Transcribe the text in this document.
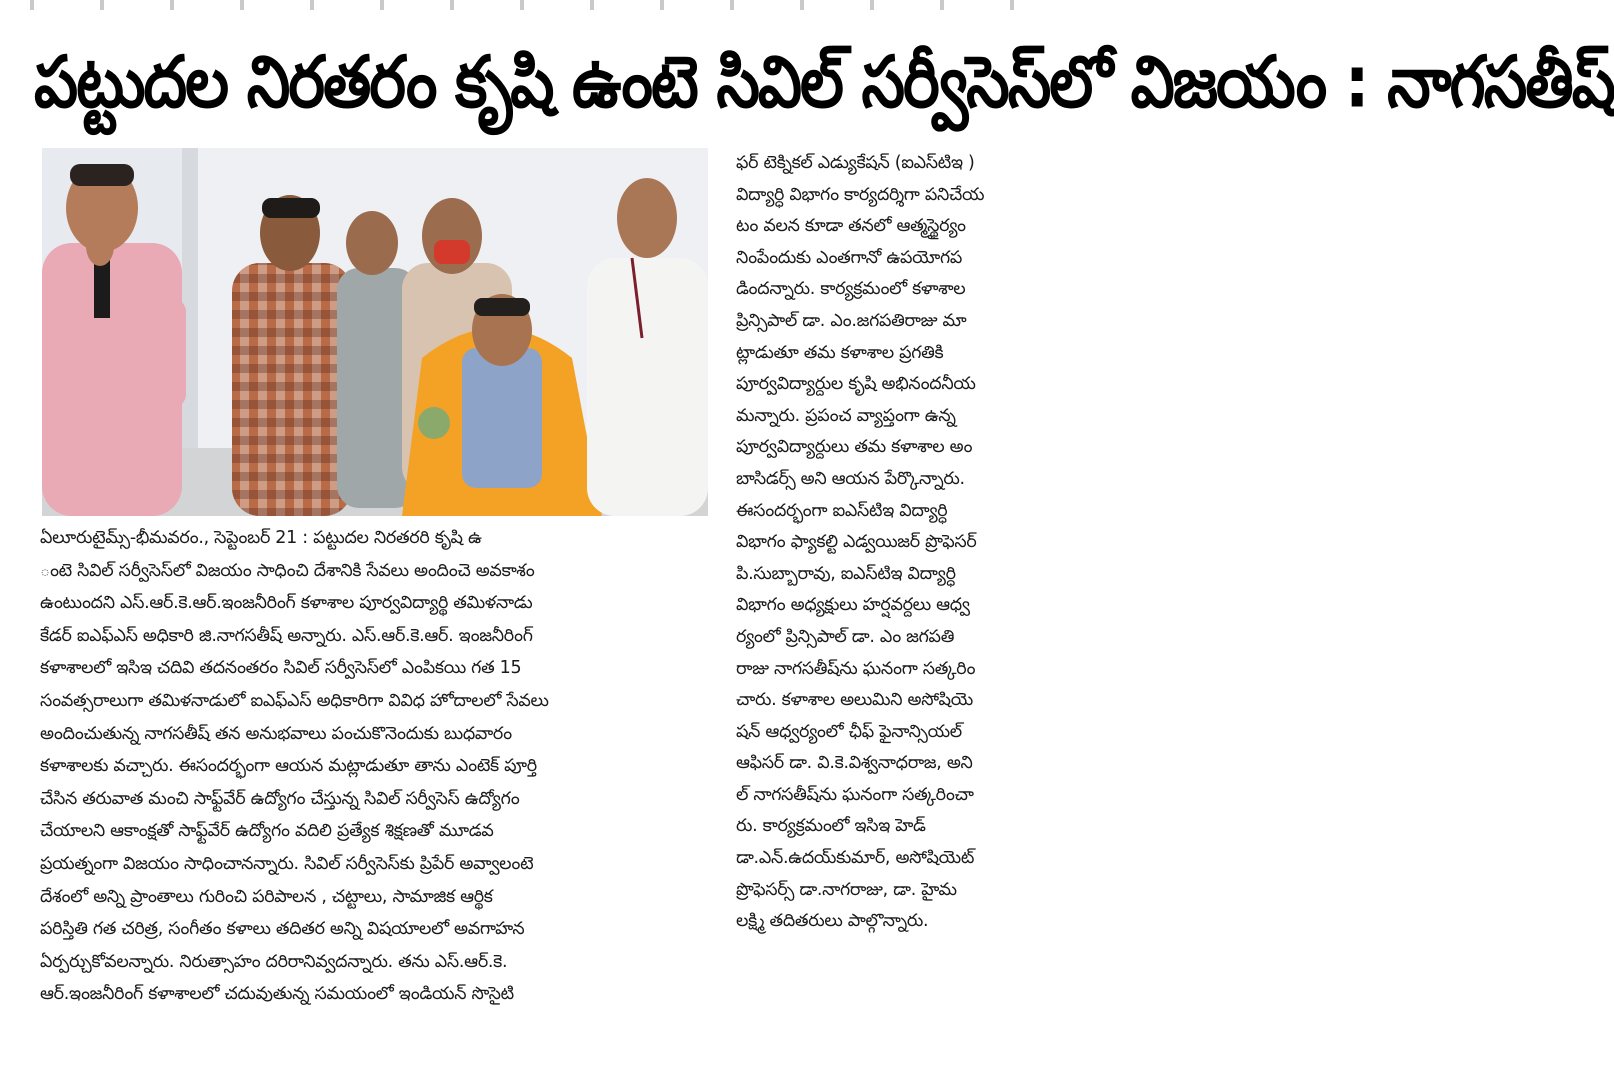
పట్టుదల నిరతరం కృషి ఉంటె సివిల్ సర్వీసెస్‌లో విజయం : నాగసతీష్
ఏలూరుటైమ్స్-భీమవరం., సెప్టెంబర్ 21 : పట్టుదల నిరతరరి కృషి ఉ
ంటె సివిల్ సర్వీసెస్‌లో విజయం సాధించి దేశానికి సేవలు అందించె అవకాశం
ఉంటుందని ఎస్.ఆర్.కె.ఆర్.ఇంజనీరింగ్ కళాశాల పూర్వవిద్యార్థి తమిళనాడు
కేడర్ ఐఎఫ్ఎస్ అధికారి జి.నాగసతీష్ అన్నారు. ఎస్.ఆర్.కె.ఆర్. ఇంజనీరింగ్
కళాశాలలో ఇసిఇ చదివి తదనంతరం సివిల్ సర్వీసెస్‌లో ఎంపికయి గత 15
సంవత్సరాలుగా తమిళనాడులో ఐఎఫ్ఎస్ అధికారిగా వివిధ హోదాలలో సేవలు
అందించుతున్న నాగసతీష్ తన అనుభవాలు పంచుకొనెందుకు బుధవారం
కళాశాలకు వచ్చారు. ఈసందర్భంగా ఆయన మట్లాడుతూ తాను ఎంటెక్ పూర్తి
చేసిన తరువాత మంచి సాఫ్ట్‌వేర్ ఉద్యోగం చేస్తున్న సివిల్ సర్వీసెస్ ఉద్యోగం
చేయాలని ఆకాంక్షతో సాఫ్ట్‌వేర్ ఉద్యోగం వదిలి ప్రత్యేక శిక్షణతో మూడవ
ప్రయత్నంగా విజయం సాధించానన్నారు. సివిల్ సర్వీసెస్‌కు ప్రిపేర్ అవ్వాలంటె
దేశంలో అన్ని ప్రాంతాలు గురించి పరిపాలన , చట్టాలు, సామాజిక ఆర్థిక
పరిస్తితి గత చరిత్ర, సంగీతం కళాలు తదితర అన్ని విషయాలలో అవగాహన
ఏర్పర్చుకోవలన్నారు. నిరుత్సాహం దరిరానివ్వదన్నారు. తను ఎస్.ఆర్.కె.
ఆర్.ఇంజనీరింగ్ కళాశాలలో చదువుతున్న సమయంలో ఇండియన్ సొసైటి
ఫర్ టెక్నికల్ ఎడ్యుకేషన్ (ఐఎస్‌టిఇ )
విద్యార్ధి విభాగం కార్యదర్శిగా పనిచేయ
టం వలన కూడా తనలో ఆత్మస్థైర్యం
నింపేందుకు ఎంతగానో ఉపయోగప
డిందన్నారు. కార్యక్రమంలో కళాశాల
ప్రిన్సిపాల్ డా. ఎం.జగపతిరాజు మా
ట్లాడుతూ తమ కళాశాల ప్రగతికి
పూర్వవిద్యార్దుల కృషి అభినందనీయ
మన్నారు. ప్రపంచ వ్యాప్తంగా ఉన్న
పూర్వవిద్యార్దులు తమ కళాశాల అం
బాసిడర్స్ అని ఆయన పేర్కొన్నారు.
ఈసందర్భంగా ఐఎస్‌టిఇ విద్యార్ధి
విభాగం ఫ్యాకల్టి ఎడ్వయిజర్ ప్రొఫెసర్
పి.సుబ్బారావు, ఐఎస్‌టిఇ విద్యార్ధి
విభాగం అధ్యక్షులు హర్షవర్దలు ఆధ్వ
ర్యంలో ప్రిన్సిపాల్ డా. ఎం జగపతి
రాజు నాగసతీష్‌ను ఘనంగా సత్కరిం
చారు. కళాశాల అలుమిని అసోషియె
షన్ ఆధ్వర్యంలో ఛీఫ్ ఫైనాన్సియల్
ఆఫిసర్ డా. వి.కె.విశ్వనాధరాజ, అని
ల్ నాగసతీష్‌ను ఘనంగా సత్కరించా
రు. కార్యక్రమంలో ఇసిఇ హెడ్
డా.ఎన్.ఉదయ్‌కుమార్, అసోషియెట్
ప్రొఫెసర్స్ డా.నాగరాజు, డా. హైమ
లక్ష్మి తదితరులు పాల్గొన్నారు.
